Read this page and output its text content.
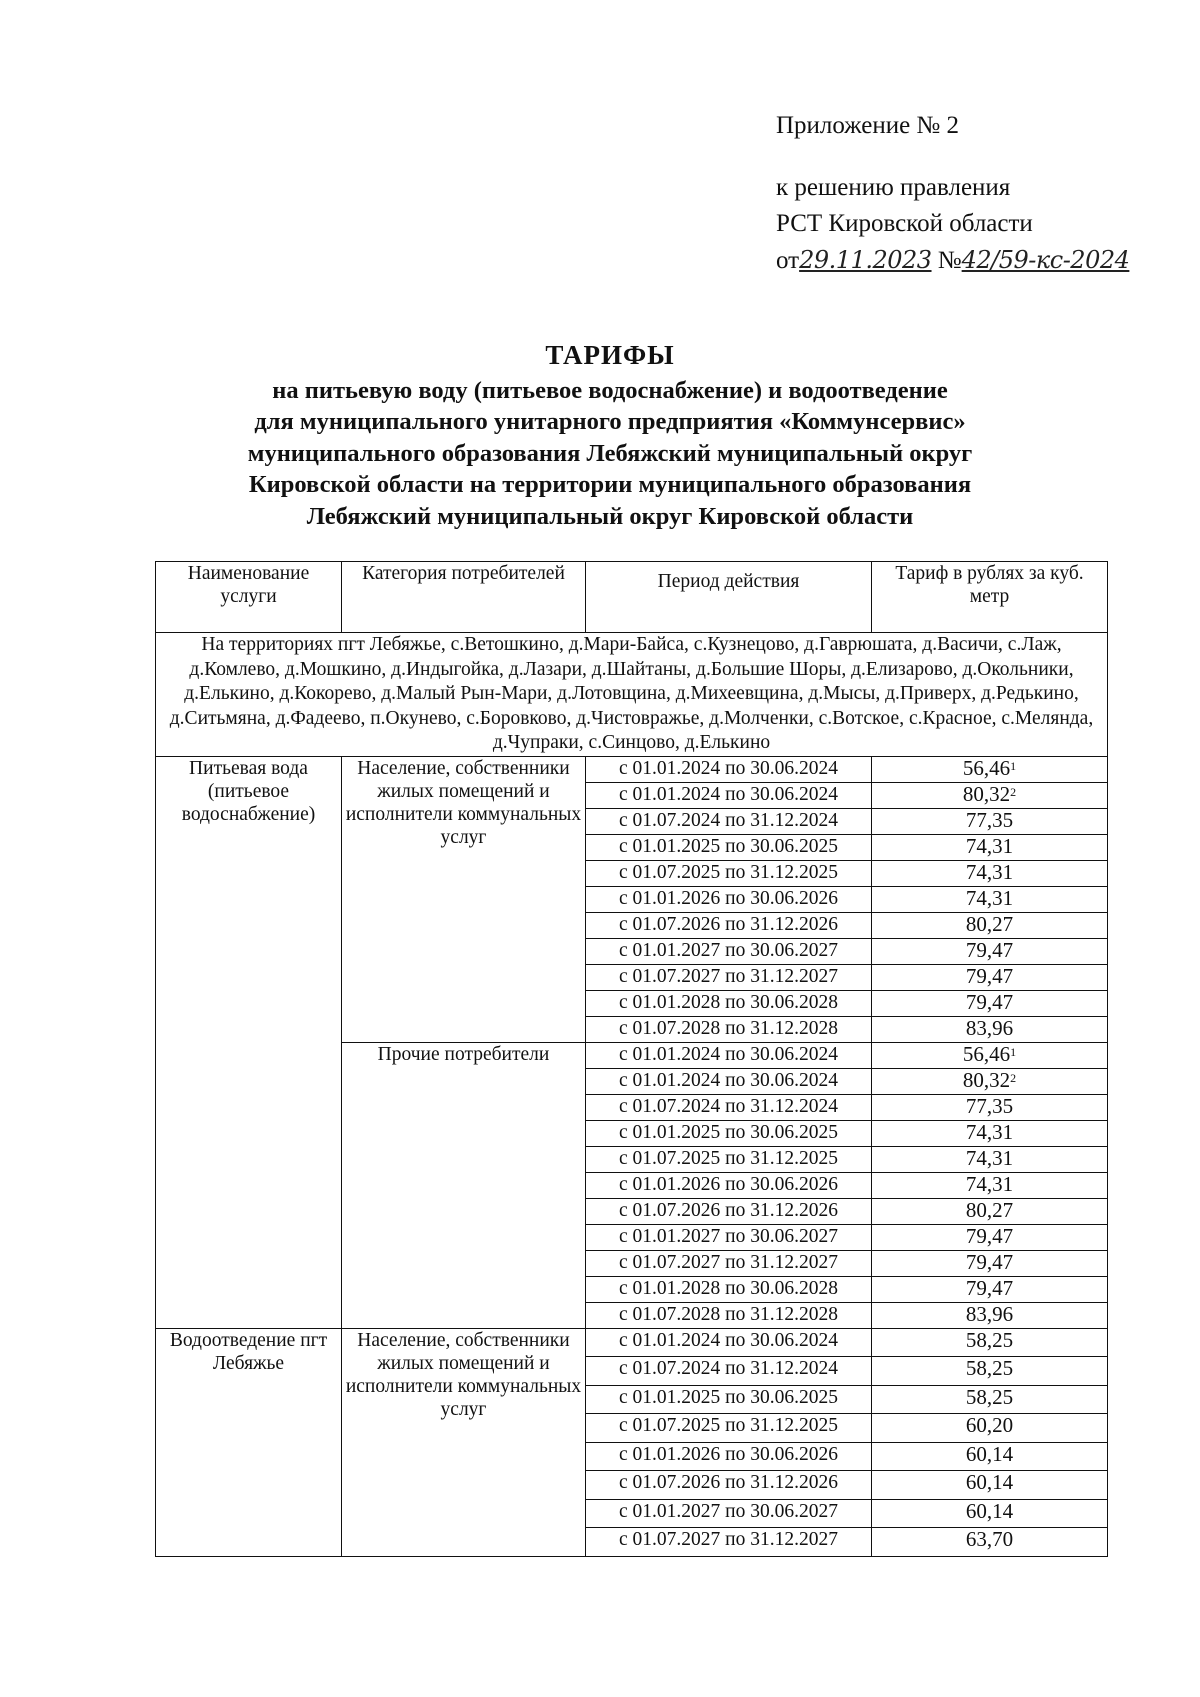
Приложение № 2
к решению правления
РСТ Кировской области
от29.11.2023 №42/59-кс-2024
ТАРИФЫ
на питьевую воду (питьевое водоснабжение) и водоотведение
для муниципального унитарного предприятия «Коммунсервис»
муниципального образования Лебяжский муниципальный округ
Кировской области на территории муниципального образования
Лебяжский муниципальный округ Кировской области
Наименование услуги	Категория потребителей	Период действия	Тариф в рублях за куб. метр
На территориях пгт Лебяжье, с.Ветошкино, д.Мари-Байса, с.Кузнецово, д.Гаврюшата, д.Васичи, с.Лаж, д.Комлево, д.Мошкино, д.Индыгойка, д.Лазари, д.Шайтаны, д.Большие Шоры, д.Елизарово, д.Окольники, д.Елькино, д.Кокорево, д.Малый Рын-Мари, д.Лотовщина, д.Михеевщина, д.Мысы, д.Приверх, д.Редькино, д.Ситьмяна, д.Фадеево, п.Окунево, с.Боровково, д.Чистовражье, д.Молченки, с.Вотское, с.Красное, с.Меляндa, д.Чупраки, с.Синцово, д.Елькино			
Питьевая вода (питьевое водоснабжение)	Население, собственники жилых помещений и исполнители коммунальных услуг	с 01.01.2024 по 30.06.2024	56,46$^1$
		с 01.01.2024 по 30.06.2024	80,32$^2$
		с 01.07.2024 по 31.12.2024	77,35
		с 01.01.2025 по 30.06.2025	74,31
		с 01.07.2025 по 31.12.2025	74,31
		с 01.01.2026 по 30.06.2026	74,31
		с 01.07.2026 по 31.12.2026	80,27
		с 01.01.2027 по 30.06.2027	79,47
		с 01.07.2027 по 31.12.2027	79,47
		с 01.01.2028 по 30.06.2028	79,47
		с 01.07.2028 по 31.12.2028	83,96
	Прочие потребители	с 01.01.2024 по 30.06.2024	56,46$^1$
		с 01.01.2024 по 30.06.2024	80,32$^2$
		с 01.07.2024 по 31.12.2024	77,35
		с 01.01.2025 по 30.06.2025	74,31
		с 01.07.2025 по 31.12.2025	74,31
		с 01.01.2026 по 30.06.2026	74,31
		с 01.07.2026 по 31.12.2026	80,27
		с 01.01.2027 по 30.06.2027	79,47
		с 01.07.2027 по 31.12.2027	79,47
		с 01.01.2028 по 30.06.2028	79,47
		с 01.07.2028 по 31.12.2028	83,96
Водоотведение пгт Лебяжье	Население, собственники жилых помещений и исполнители коммунальных услуг	с 01.01.2024 по 30.06.2024	58,25
		с 01.07.2024 по 31.12.2024	58,25
		с 01.01.2025 по 30.06.2025	58,25
		с 01.07.2025 по 31.12.2025	60,20
		с 01.01.2026 по 30.06.2026	60,14
		с 01.07.2026 по 31.12.2026	60,14
		с 01.01.2027 по 30.06.2027	60,14
		с 01.07.2027 по 31.12.2027	63,70
